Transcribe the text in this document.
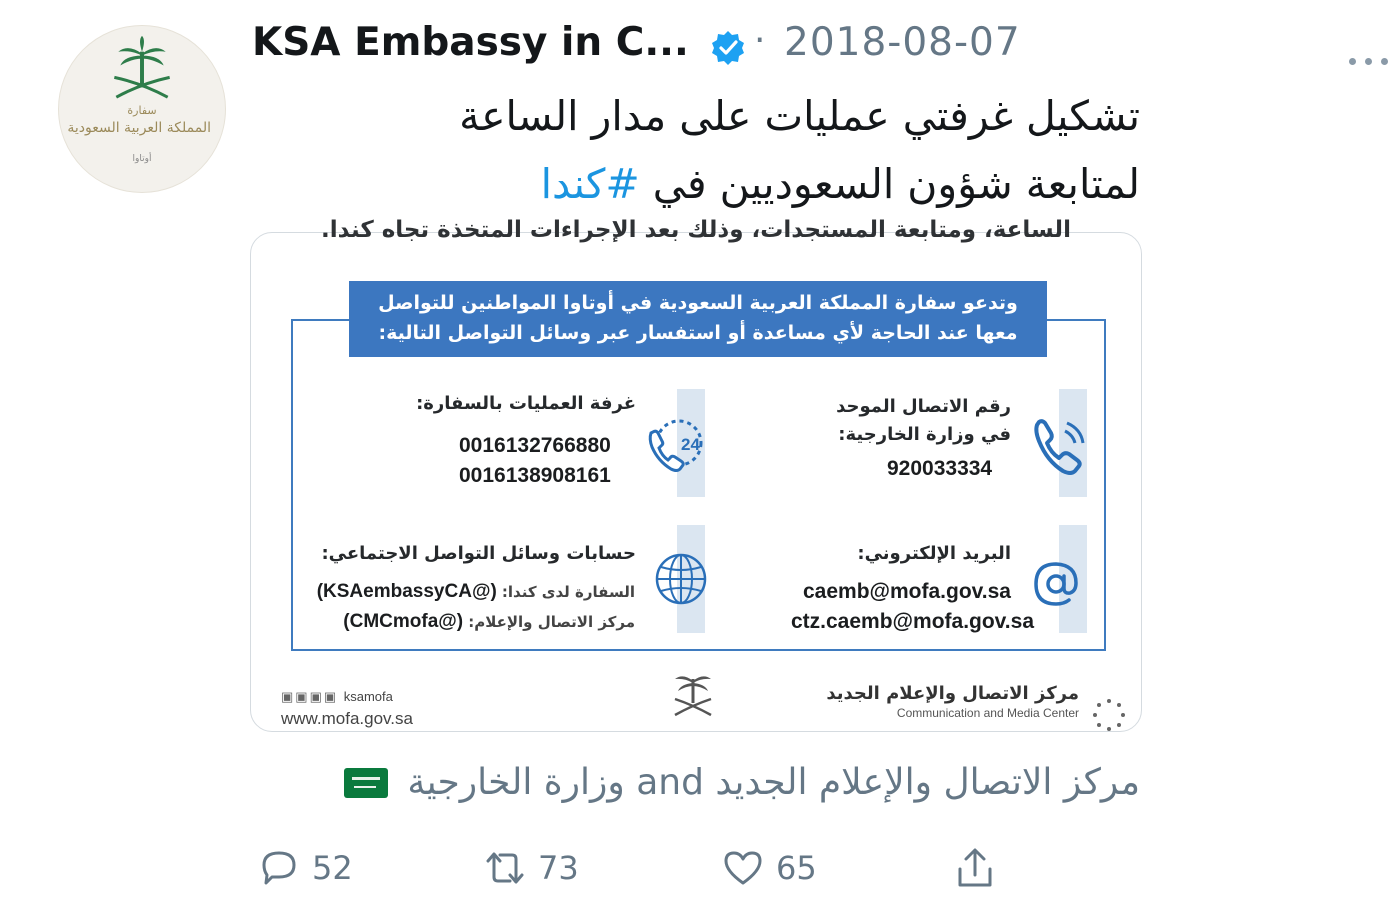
سفارة
المملكة العربية السعودية
أوتاوا
KSA Embassy in C... · 2018-08-07
تشكيل غرفتي عمليات على مدار الساعة
لمتابعة شؤون السعوديين في #كندا
الساعة، ومتابعة المستجدات، وذلك بعد الإجراءات المتخذة تجاه كندا.
وتدعو سفارة المملكة العربية السعودية في أوتاوا المواطنين للتواصل
معها عند الحاجة لأي مساعدة أو استفسار عبر وسائل التواصل التالية:
رقم الاتصال الموحد
في وزارة الخارجية:
920033334
24
غرفة العمليات بالسفارة:
0016132766880
0016138908161
البريد الإلكتروني:
caemb@mofa.gov.sa
ctz.caemb@mofa.gov.sa
حسابات وسائل التواصل الاجتماعي:
السفارة لدى كندا: (@KSAembassyCA)
مركز الاتصال والإعلام: (@CMCmofa)
مركز الاتصال والإعلام الجديد
Communication and Media Center
▣▣▣▣ ksamofa
www.mofa.gov.sa
مركز الاتصال والإعلام الجديد and وزارة الخارجية
52	73	65
